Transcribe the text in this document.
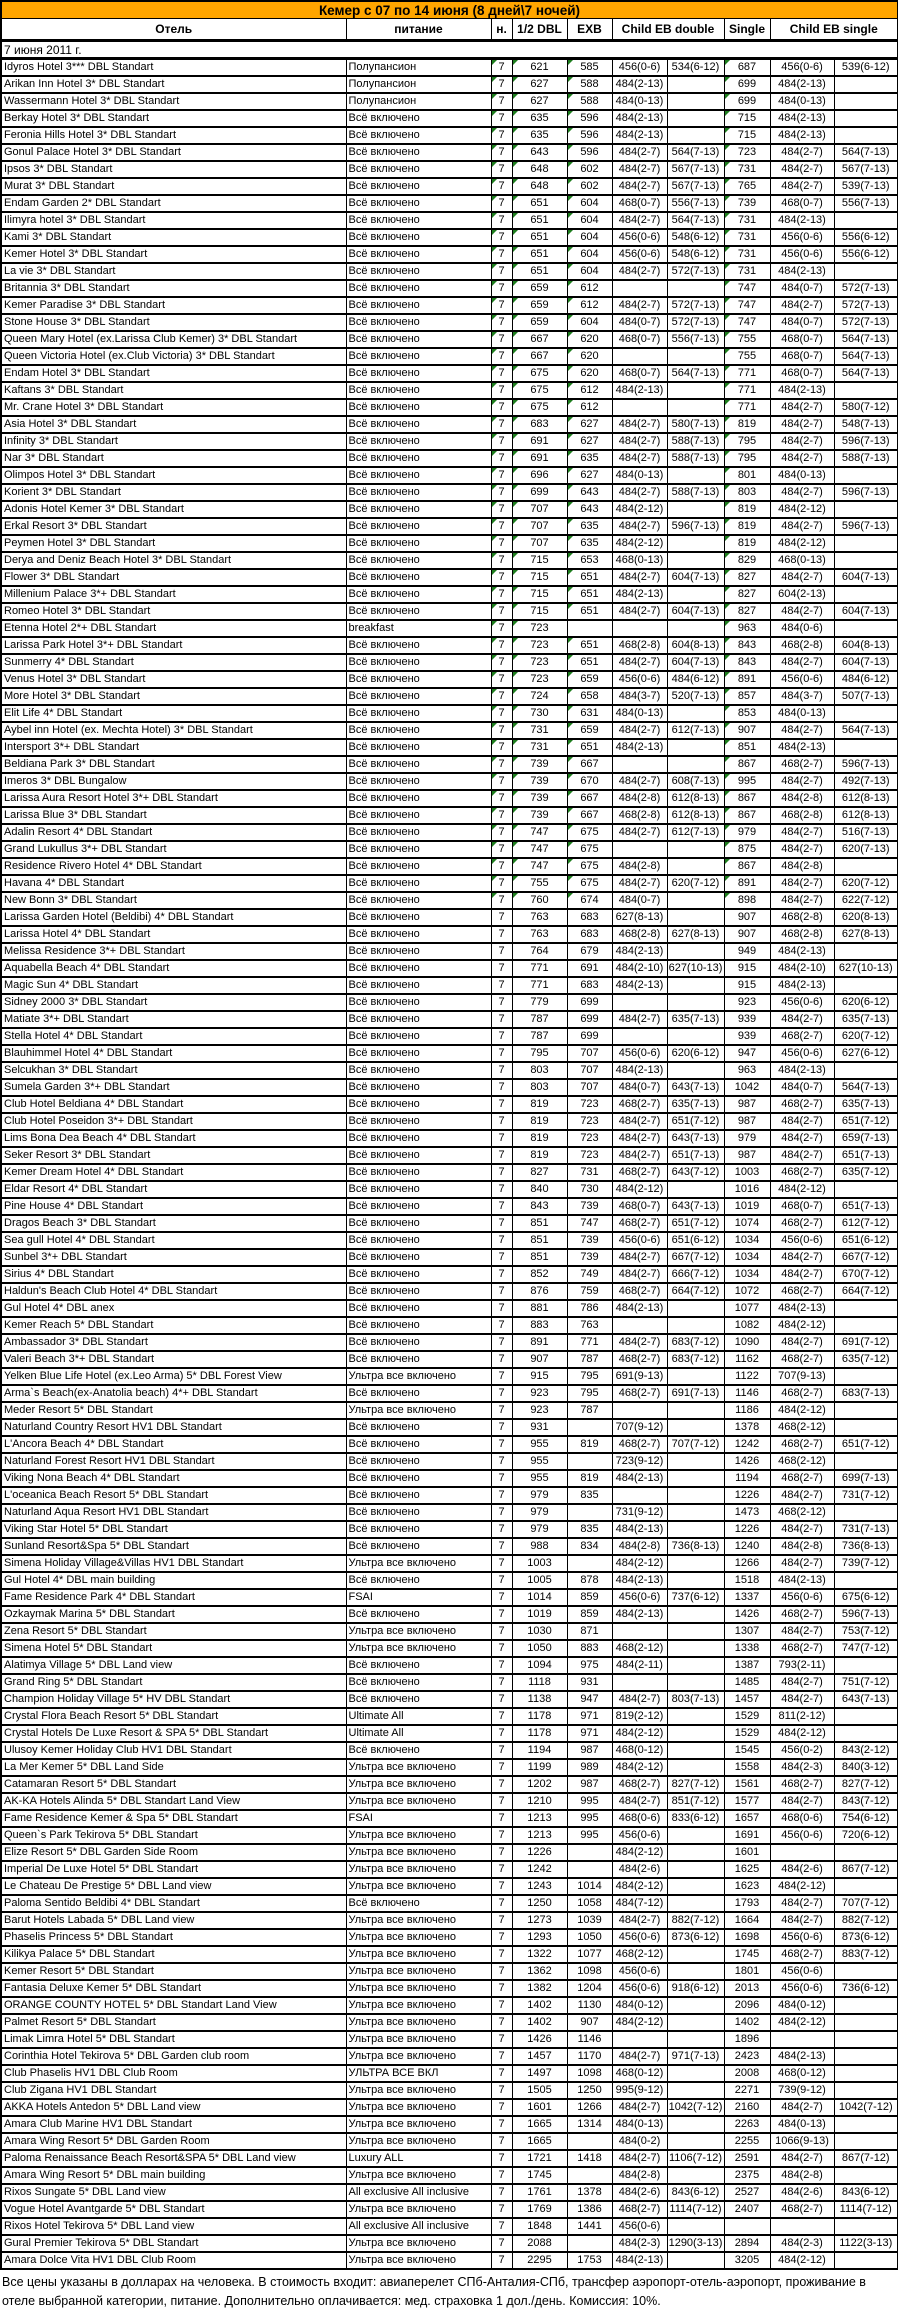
Кемер с 07 по 14 июня (8 дней\7 ночей)									
Отель	питание	н.	1/2 DBL	EXB	Child EB double		Single	Child EB single	
7 июня 2011 г.									
Idyros Hotel 3*** DBL Standart	Полупансион	7	621	585	456(0-6)	534(6-12)	687	456(0-6)	539(6-12)
Arikan Inn Hotel 3* DBL Standart	Полупансион	7	627	588	484(2-13)		699	484(2-13)	
Wassermann Hotel 3* DBL Standart	Полупансион	7	627	588	484(0-13)		699	484(0-13)	
Berkay Hotel 3* DBL Standart	Всё включено	7	635	596	484(2-13)		715	484(2-13)	
Feronia Hills Hotel 3* DBL Standart	Всё включено	7	635	596	484(2-13)		715	484(2-13)	
Gonul Palace Hotel 3* DBL Standart	Всё включено	7	643	596	484(2-7)	564(7-13)	723	484(2-7)	564(7-13)
Ipsos 3* DBL Standart	Всё включено	7	648	602	484(2-7)	567(7-13)	731	484(2-7)	567(7-13)
Murat 3* DBL Standart	Всё включено	7	648	602	484(2-7)	567(7-13)	765	484(2-7)	539(7-13)
Endam Garden 2* DBL Standart	Всё включено	7	651	604	468(0-7)	556(7-13)	739	468(0-7)	556(7-13)
Ilimyra hotel 3* DBL Standart	Всё включено	7	651	604	484(2-7)	564(7-13)	731	484(2-13)	
Kami 3* DBL Standart	Всё включено	7	651	604	456(0-6)	548(6-12)	731	456(0-6)	556(6-12)
Kemer Hotel 3* DBL Standart	Всё включено	7	651	604	456(0-6)	548(6-12)	731	456(0-6)	556(6-12)
La vie 3* DBL Standart	Всё включено	7	651	604	484(2-7)	572(7-13)	731	484(2-13)	
Britannia 3* DBL Standart	Всё включено	7	659	612			747	484(0-7)	572(7-13)
Kemer Paradise 3* DBL Standart	Всё включено	7	659	612	484(2-7)	572(7-13)	747	484(2-7)	572(7-13)
Stone House 3* DBL Standart	Всё включено	7	659	604	484(0-7)	572(7-13)	747	484(0-7)	572(7-13)
Queen Mary Hotel (ex.Larissa Club Kemer) 3* DBL Standart	Всё включено	7	667	620	468(0-7)	556(7-13)	755	468(0-7)	564(7-13)
Queen Victoria Hotel (ex.Club Victoria) 3* DBL Standart	Всё включено	7	667	620			755	468(0-7)	564(7-13)
Endam Hotel 3* DBL Standart	Всё включено	7	675	620	468(0-7)	564(7-13)	771	468(0-7)	564(7-13)
Kaftans 3* DBL Standart	Всё включено	7	675	612	484(2-13)		771	484(2-13)	
Mr. Crane Hotel 3* DBL Standart	Всё включено	7	675	612			771	484(2-7)	580(7-12)
Asia Hotel 3* DBL Standart	Всё включено	7	683	627	484(2-7)	580(7-13)	819	484(2-7)	548(7-13)
Infinity 3* DBL Standart	Всё включено	7	691	627	484(2-7)	588(7-13)	795	484(2-7)	596(7-13)
Nar 3* DBL Standart	Всё включено	7	691	635	484(2-7)	588(7-13)	795	484(2-7)	588(7-13)
Olimpos Hotel 3* DBL Standart	Всё включено	7	696	627	484(0-13)		801	484(0-13)	
Korient 3* DBL Standart	Всё включено	7	699	643	484(2-7)	588(7-13)	803	484(2-7)	596(7-13)
Adonis Hotel Kemer 3* DBL Standart	Всё включено	7	707	643	484(2-12)		819	484(2-12)	
Erkal Resort 3* DBL Standart	Всё включено	7	707	635	484(2-7)	596(7-13)	819	484(2-7)	596(7-13)
Peymen Hotel 3* DBL Standart	Всё включено	7	707	635	484(2-12)		819	484(2-12)	
Derya and Deniz Beach Hotel 3* DBL Standart	Всё включено	7	715	653	468(0-13)		829	468(0-13)	
Flower 3* DBL Standart	Всё включено	7	715	651	484(2-7)	604(7-13)	827	484(2-7)	604(7-13)
Millenium Palace 3*+ DBL Standart	Всё включено	7	715	651	484(2-13)		827	604(2-13)	
Romeo Hotel 3* DBL Standart	Всё включено	7	715	651	484(2-7)	604(7-13)	827	484(2-7)	604(7-13)
Etenna Hotel 2*+ DBL Standart	breakfast	7	723				963	484(0-6)	
Larissa Park Hotel 3*+ DBL Standart	Всё включено	7	723	651	468(2-8)	604(8-13)	843	468(2-8)	604(8-13)
Sunmerry 4* DBL Standart	Всё включено	7	723	651	484(2-7)	604(7-13)	843	484(2-7)	604(7-13)
Venus Hotel 3* DBL Standart	Всё включено	7	723	659	456(0-6)	484(6-12)	891	456(0-6)	484(6-12)
More Hotel 3* DBL Standart	Всё включено	7	724	658	484(3-7)	520(7-13)	857	484(3-7)	507(7-13)
Elit Life 4* DBL Standart	Всё включено	7	730	631	484(0-13)		853	484(0-13)	
Aybel inn Hotel (ex. Mechta Hotel) 3* DBL Standart	Всё включено	7	731	659	484(2-7)	612(7-13)	907	484(2-7)	564(7-13)
Intersport 3*+ DBL Standart	Всё включено	7	731	651	484(2-13)		851	484(2-13)	
Beldiana Park 3* DBL Standart	Всё включено	7	739	667			867	468(2-7)	596(7-13)
Imeros 3* DBL Bungalow	Всё включено	7	739	670	484(2-7)	608(7-13)	995	484(2-7)	492(7-13)
Larissa Aura Resort Hotel 3*+ DBL Standart	Всё включено	7	739	667	484(2-8)	612(8-13)	867	484(2-8)	612(8-13)
Larissa Blue 3* DBL Standart	Всё включено	7	739	667	468(2-8)	612(8-13)	867	468(2-8)	612(8-13)
Adalin Resort 4* DBL Standart	Всё включено	7	747	675	484(2-7)	612(7-13)	979	484(2-7)	516(7-13)
Grand Lukullus 3*+ DBL Standart	Всё включено	7	747	675			875	484(2-7)	620(7-13)
Residence Rivero Hotel 4* DBL Standart	Всё включено	7	747	675	484(2-8)		867	484(2-8)	
Havana 4* DBL Standart	Всё включено	7	755	675	484(2-7)	620(7-12)	891	484(2-7)	620(7-12)
New Bonn 3* DBL Standart	Всё включено	7	760	674	484(0-7)		898	484(2-7)	622(7-12)
Larissa Garden Hotel (Beldibi) 4* DBL Standart	Всё включено	7	763	683	627(8-13)		907	468(2-8)	620(8-13)
Larissa Hotel 4* DBL Standart	Всё включено	7	763	683	468(2-8)	627(8-13)	907	468(2-8)	627(8-13)
Melissa Residence 3*+ DBL Standart	Всё включено	7	764	679	484(2-13)		949	484(2-13)	
Aquabella Beach 4* DBL Standart	Всё включено	7	771	691	484(2-10)	627(10-13)	915	484(2-10)	627(10-13)
Magic Sun 4* DBL Standart	Всё включено	7	771	683	484(2-13)		915	484(2-13)	
Sidney 2000 3* DBL Standart	Всё включено	7	779	699			923	456(0-6)	620(6-12)
Matiate 3*+ DBL Standart	Всё включено	7	787	699	484(2-7)	635(7-13)	939	484(2-7)	635(7-13)
Stella Hotel 4* DBL Standart	Всё включено	7	787	699			939	468(2-7)	620(7-12)
Blauhimmel Hotel 4* DBL Standart	Всё включено	7	795	707	456(0-6)	620(6-12)	947	456(0-6)	627(6-12)
Selcukhan 3* DBL Standart	Всё включено	7	803	707	484(2-13)		963	484(2-13)	
Sumela Garden 3*+ DBL Standart	Всё включено	7	803	707	484(0-7)	643(7-13)	1042	484(0-7)	564(7-13)
Club Hotel Beldiana 4* DBL Standart	Всё включено	7	819	723	468(2-7)	635(7-13)	987	468(2-7)	635(7-13)
Club Hotel Poseidon 3*+ DBL Standart	Всё включено	7	819	723	484(2-7)	651(7-12)	987	484(2-7)	651(7-12)
Lims Bona Dea Beach 4* DBL Standart	Всё включено	7	819	723	484(2-7)	643(7-13)	979	484(2-7)	659(7-13)
Seker Resort 3* DBL Standart	Всё включено	7	819	723	484(2-7)	651(7-13)	987	484(2-7)	651(7-13)
Kemer Dream Hotel 4* DBL Standart	Всё включено	7	827	731	468(2-7)	643(7-12)	1003	468(2-7)	635(7-12)
Eldar Resort 4* DBL Standart	Всё включено	7	840	730	484(2-12)		1016	484(2-12)	
Pine House 4* DBL Standart	Всё включено	7	843	739	468(0-7)	643(7-13)	1019	468(0-7)	651(7-13)
Dragos Beach 3* DBL Standart	Всё включено	7	851	747	468(2-7)	651(7-12)	1074	468(2-7)	612(7-12)
Sea gull Hotel 4* DBL Standart	Всё включено	7	851	739	456(0-6)	651(6-12)	1034	456(0-6)	651(6-12)
Sunbel 3*+ DBL Standart	Всё включено	7	851	739	484(2-7)	667(7-12)	1034	484(2-7)	667(7-12)
Sirius 4* DBL Standart	Всё включено	7	852	749	484(2-7)	666(7-12)	1034	484(2-7)	670(7-12)
Haldun's Beach Club Hotel 4* DBL Standart	Всё включено	7	876	759	468(2-7)	664(7-12)	1072	468(2-7)	664(7-12)
Gul Hotel 4* DBL anex	Всё включено	7	881	786	484(2-13)		1077	484(2-13)	
Kemer Reach 5* DBL Standart	Всё включено	7	883	763			1082	484(2-12)	
Ambassador 3* DBL Standart	Всё включено	7	891	771	484(2-7)	683(7-12)	1090	484(2-7)	691(7-12)
Valeri Beach 3*+ DBL Standart	Всё включено	7	907	787	468(2-7)	683(7-12)	1162	468(2-7)	635(7-12)
Yelken Blue Life Hotel (ex.Leo Arma) 5* DBL Forest View	Ультра все включено	7	915	795	691(9-13)		1122	707(9-13)	
Arma`s Beach(ex-Anatolia beach) 4*+ DBL Standart	Всё включено	7	923	795	468(2-7)	691(7-13)	1146	468(2-7)	683(7-13)
Meder Resort 5* DBL Standart	Ультра все включено	7	923	787			1186	484(2-12)	
Naturland Country Resort HV1 DBL Standart	Всё включено	7	931		707(9-12)		1378	468(2-12)	
L'Ancora Beach 4* DBL Standart	Всё включено	7	955	819	468(2-7)	707(7-12)	1242	468(2-7)	651(7-12)
Naturland Forest Resort HV1 DBL Standart	Всё включено	7	955		723(9-12)		1426	468(2-12)	
Viking Nona Beach 4* DBL Standart	Всё включено	7	955	819	484(2-13)		1194	468(2-7)	699(7-13)
L'oceanica Beach Resort 5* DBL Standart	Всё включено	7	979	835			1226	484(2-7)	731(7-12)
Naturland Aqua Resort HV1 DBL Standart	Всё включено	7	979		731(9-12)		1473	468(2-12)	
Viking Star Hotel 5* DBL Standart	Всё включено	7	979	835	484(2-13)		1226	484(2-7)	731(7-13)
Sunland Resort&Spa 5* DBL Standart	Всё включено	7	988	834	484(2-8)	736(8-13)	1240	484(2-8)	736(8-13)
Simena Holiday Village&Villas HV1 DBL Standart	Ультра все включено	7	1003		484(2-12)		1266	484(2-7)	739(7-12)
Gul Hotel 4* DBL main building	Всё включено	7	1005	878	484(2-13)		1518	484(2-13)	
Fame Residence Park 4* DBL Standart	FSAI	7	1014	859	456(0-6)	737(6-12)	1337	456(0-6)	675(6-12)
Ozkaymak Marina 5* DBL Standart	Всё включено	7	1019	859	484(2-13)		1426	468(2-7)	596(7-13)
Zena Resort 5* DBL Standart	Ультра все включено	7	1030	871			1307	484(2-7)	753(7-12)
Simena Hotel 5* DBL Standart	Ультра все включено	7	1050	883	468(2-12)		1338	468(2-7)	747(7-12)
Alatimya Village 5* DBL Land view	Всё включено	7	1094	975	484(2-11)		1387	793(2-11)	
Grand Ring 5* DBL Standart	Всё включено	7	1118	931			1485	484(2-7)	751(7-12)
Champion Holiday Village 5* HV DBL Standart	Всё включено	7	1138	947	484(2-7)	803(7-13)	1457	484(2-7)	643(7-13)
Crystal Flora Beach Resort 5* DBL Standart	Ultimate All	7	1178	971	819(2-12)		1529	811(2-12)	
Crystal Hotels De Luxe Resort & SPA 5* DBL Standart	Ultimate All	7	1178	971	484(2-12)		1529	484(2-12)	
Ulusoy Kemer Holiday Club HV1 DBL Standart	Всё включено	7	1194	987	468(0-12)		1545	456(0-2)	843(2-12)
La Mer Kemer 5* DBL Land Side	Ультра все включено	7	1199	989	484(2-12)		1558	484(2-3)	840(3-12)
Catamaran Resort 5* DBL Standart	Ультра все включено	7	1202	987	468(2-7)	827(7-12)	1561	468(2-7)	827(7-12)
AK-KA Hotels Alinda 5* DBL Standart Land View	Ультра все включено	7	1210	995	484(2-7)	851(7-12)	1577	484(2-7)	843(7-12)
Fame Residence Kemer & Spa 5* DBL Standart	FSAI	7	1213	995	468(0-6)	833(6-12)	1657	468(0-6)	754(6-12)
Queen`s Park Tekirova 5* DBL Standart	Ультра все включено	7	1213	995	456(0-6)		1691	456(0-6)	720(6-12)
Elize Resort 5* DBL Garden Side Room	Ультра все включено	7	1226		484(2-12)		1601		
Imperial De Luxe Hotel 5* DBL Standart	Ультра все включено	7	1242		484(2-6)		1625	484(2-6)	867(7-12)
Le Chateau De Prestige 5* DBL Land view	Ультра все включено	7	1243	1014	484(2-12)		1623	484(2-12)	
Paloma Sentido Beldibi 4* DBL Standart	Всё включено	7	1250	1058	484(7-12)		1793	484(2-7)	707(7-12)
Barut Hotels Labada 5* DBL Land view	Ультра все включено	7	1273	1039	484(2-7)	882(7-12)	1664	484(2-7)	882(7-12)
Phaselis Princess 5* DBL Standart	Ультра все включено	7	1293	1050	456(0-6)	873(6-12)	1698	456(0-6)	873(6-12)
Kilikya Palace 5* DBL Standart	Ультра все включено	7	1322	1077	468(2-12)		1745	468(2-7)	883(7-12)
Kemer Resort 5* DBL Standart	Ультра все включено	7	1362	1098	456(0-6)		1801	456(0-6)	
Fantasia Deluxe Kemer 5* DBL Standart	Ультра все включено	7	1382	1204	456(0-6)	918(6-12)	2013	456(0-6)	736(6-12)
ORANGE COUNTY HOTEL 5* DBL Standart Land View	Ультра все включено	7	1402	1130	484(0-12)		2096	484(0-12)	
Palmet Resort 5* DBL Standart	Ультра все включено	7	1402	907	484(2-12)		1402	484(2-12)	
Limak Limra Hotel 5* DBL Standart	Ультра все включено	7	1426	1146			1896		
Corinthia Hotel Tekirova 5* DBL Garden club room	Ультра все включено	7	1457	1170	484(2-7)	971(7-13)	2423	484(2-13)	
Club Phaselis HV1 DBL Club Room	УЛЬТРА ВСЕ ВКЛ	7	1497	1098	468(0-12)		2008	468(0-12)	
Club Zigana HV1 DBL Standart	Ультра все включено	7	1505	1250	995(9-12)		2271	739(9-12)	
AKKA Hotels Antedon 5* DBL Land view	Ультра все включено	7	1601	1266	484(2-7)	1042(7-12)	2160	484(2-7)	1042(7-12)
Amara Club Marine HV1 DBL Standart	Ультра все включено	7	1665	1314	484(0-13)		2263	484(0-13)	
Amara Wing Resort 5* DBL Garden Room	Ультра все включено	7	1665		484(0-2)		2255	1066(9-13)	
Paloma Renaissance Beach Resort&SPA 5* DBL Land view	Luxury ALL	7	1721	1418	484(2-7)	1106(7-12)	2591	484(2-7)	867(7-12)
Amara Wing Resort 5* DBL main building	Ультра все включено	7	1745		484(2-8)		2375	484(2-8)	
Rixos Sungate 5* DBL Land view	All exclusive All inclusive	7	1761	1378	484(2-6)	843(6-12)	2527	484(2-6)	843(6-12)
Vogue Hotel Avantgarde 5* DBL Standart	Ультра все включено	7	1769	1386	468(2-7)	1114(7-12)	2407	468(2-7)	1114(7-12)
Rixos Hotel Tekirova 5* DBL Land view	All exclusive All inclusive	7	1848	1441	456(0-6)				
Gural Premier Tekirova 5* DBL Standart	Ультра все включено	7	2088		484(2-3)	1290(3-13)	2894	484(2-3)	1122(3-13)
Amara Dolce Vita HV1 DBL Club Room	Ультра все включено	7	2295	1753	484(2-13)		3205	484(2-12)	
Все цены указаны в долларах на человека. В стоимость входит: авиаперелет СПб-Анталия-СПб, трансфер аэропорт-отель-аэропорт, проживание в отеле выбранной категории, питание. Дополнительно оплачивается: мед. страховка 1 дол./день. Комиссия: 10%.
